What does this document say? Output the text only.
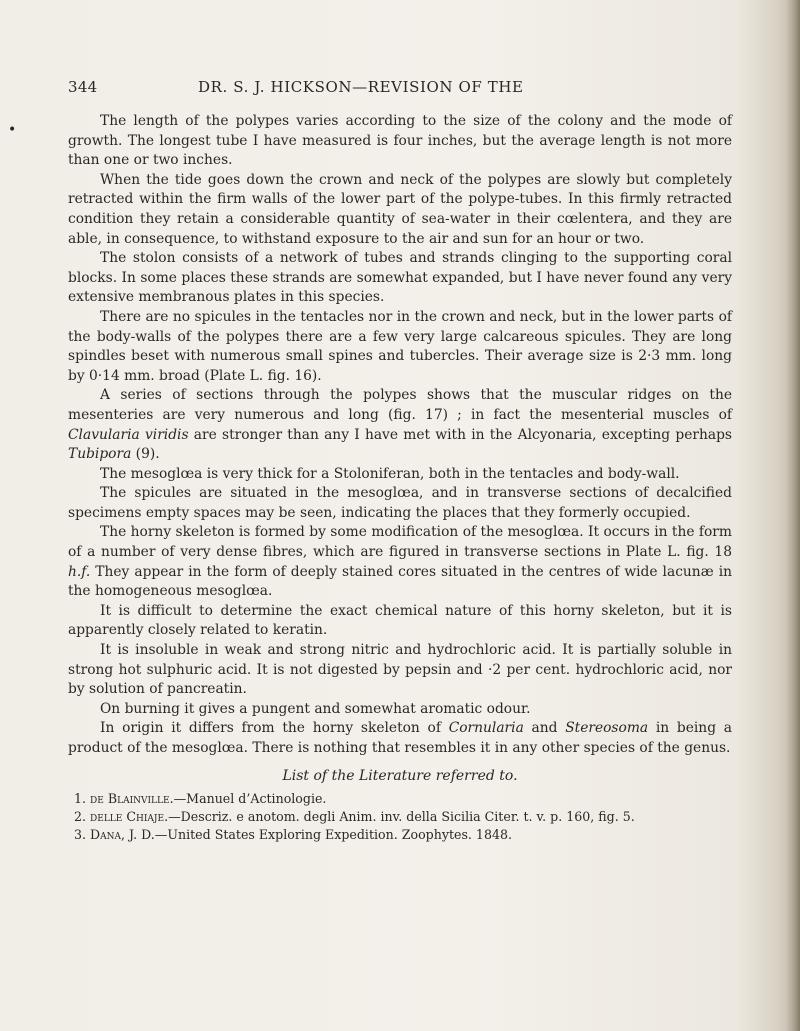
344	DR. S. J. HICKSON—REVISION OF THE
•

The length of the polypes varies according to the size of the colony and the mode of growth. The longest tube I have measured is four inches, but the average length is not more than one or two inches.

When the tide goes down the crown and neck of the polypes are slowly but completely retracted within the firm walls of the lower part of the polype-tubes. In this firmly retracted condition they retain a considerable quantity of sea-water in their cœlentera, and they are able, in consequence, to withstand exposure to the air and sun for an hour or two.

The stolon consists of a network of tubes and strands clinging to the supporting coral blocks. In some places these strands are somewhat expanded, but I have never found any very extensive membranous plates in this species.

There are no spicules in the tentacles nor in the crown and neck, but in the lower parts of the body-walls of the polypes there are a few very large calcareous spicules. They are long spindles beset with numerous small spines and tubercles. Their average size is 2·3 mm. long by 0·14 mm. broad (Plate L. fig. 16).

A series of sections through the polypes shows that the muscular ridges on the mesenteries are very numerous and long (fig. 17) ; in fact the mesenterial muscles of Clavularia viridis are stronger than any I have met with in the Alcyonaria, excepting perhaps Tubipora (9).

The mesoglœa is very thick for a Stoloniferan, both in the tentacles and body-wall.

The spicules are situated in the mesoglœa, and in transverse sections of decalcified specimens empty spaces may be seen, indicating the places that they formerly occupied.

The horny skeleton is formed by some modification of the mesoglœa. It occurs in the form of a number of very dense fibres, which are figured in transverse sections in Plate L. fig. 18 h.f. They appear in the form of deeply stained cores situated in the centres of wide lacunæ in the homogeneous mesoglœa.

It is difficult to determine the exact chemical nature of this horny skeleton, but it is apparently closely related to keratin.

It is insoluble in weak and strong nitric and hydrochloric acid. It is partially soluble in strong hot sulphuric acid. It is not digested by pepsin and ·2 per cent. hydrochloric acid, nor by solution of pancreatin.

On burning it gives a pungent and somewhat aromatic odour.

In origin it differs from the horny skeleton of Cornularia and Stereosoma in being a product of the mesoglœa. There is nothing that resembles it in any other species of the genus.

List of the Literature referred to.
1. de Blainville.—Manuel d’Actinologie.
2. delle Chiaje.—Descriz. e anotom. degli Anim. inv. della Sicilia Citer. t. v. p. 160, fig. 5.
3. Dana, J. D.—United States Exploring Expedition. Zoophytes. 1848.
